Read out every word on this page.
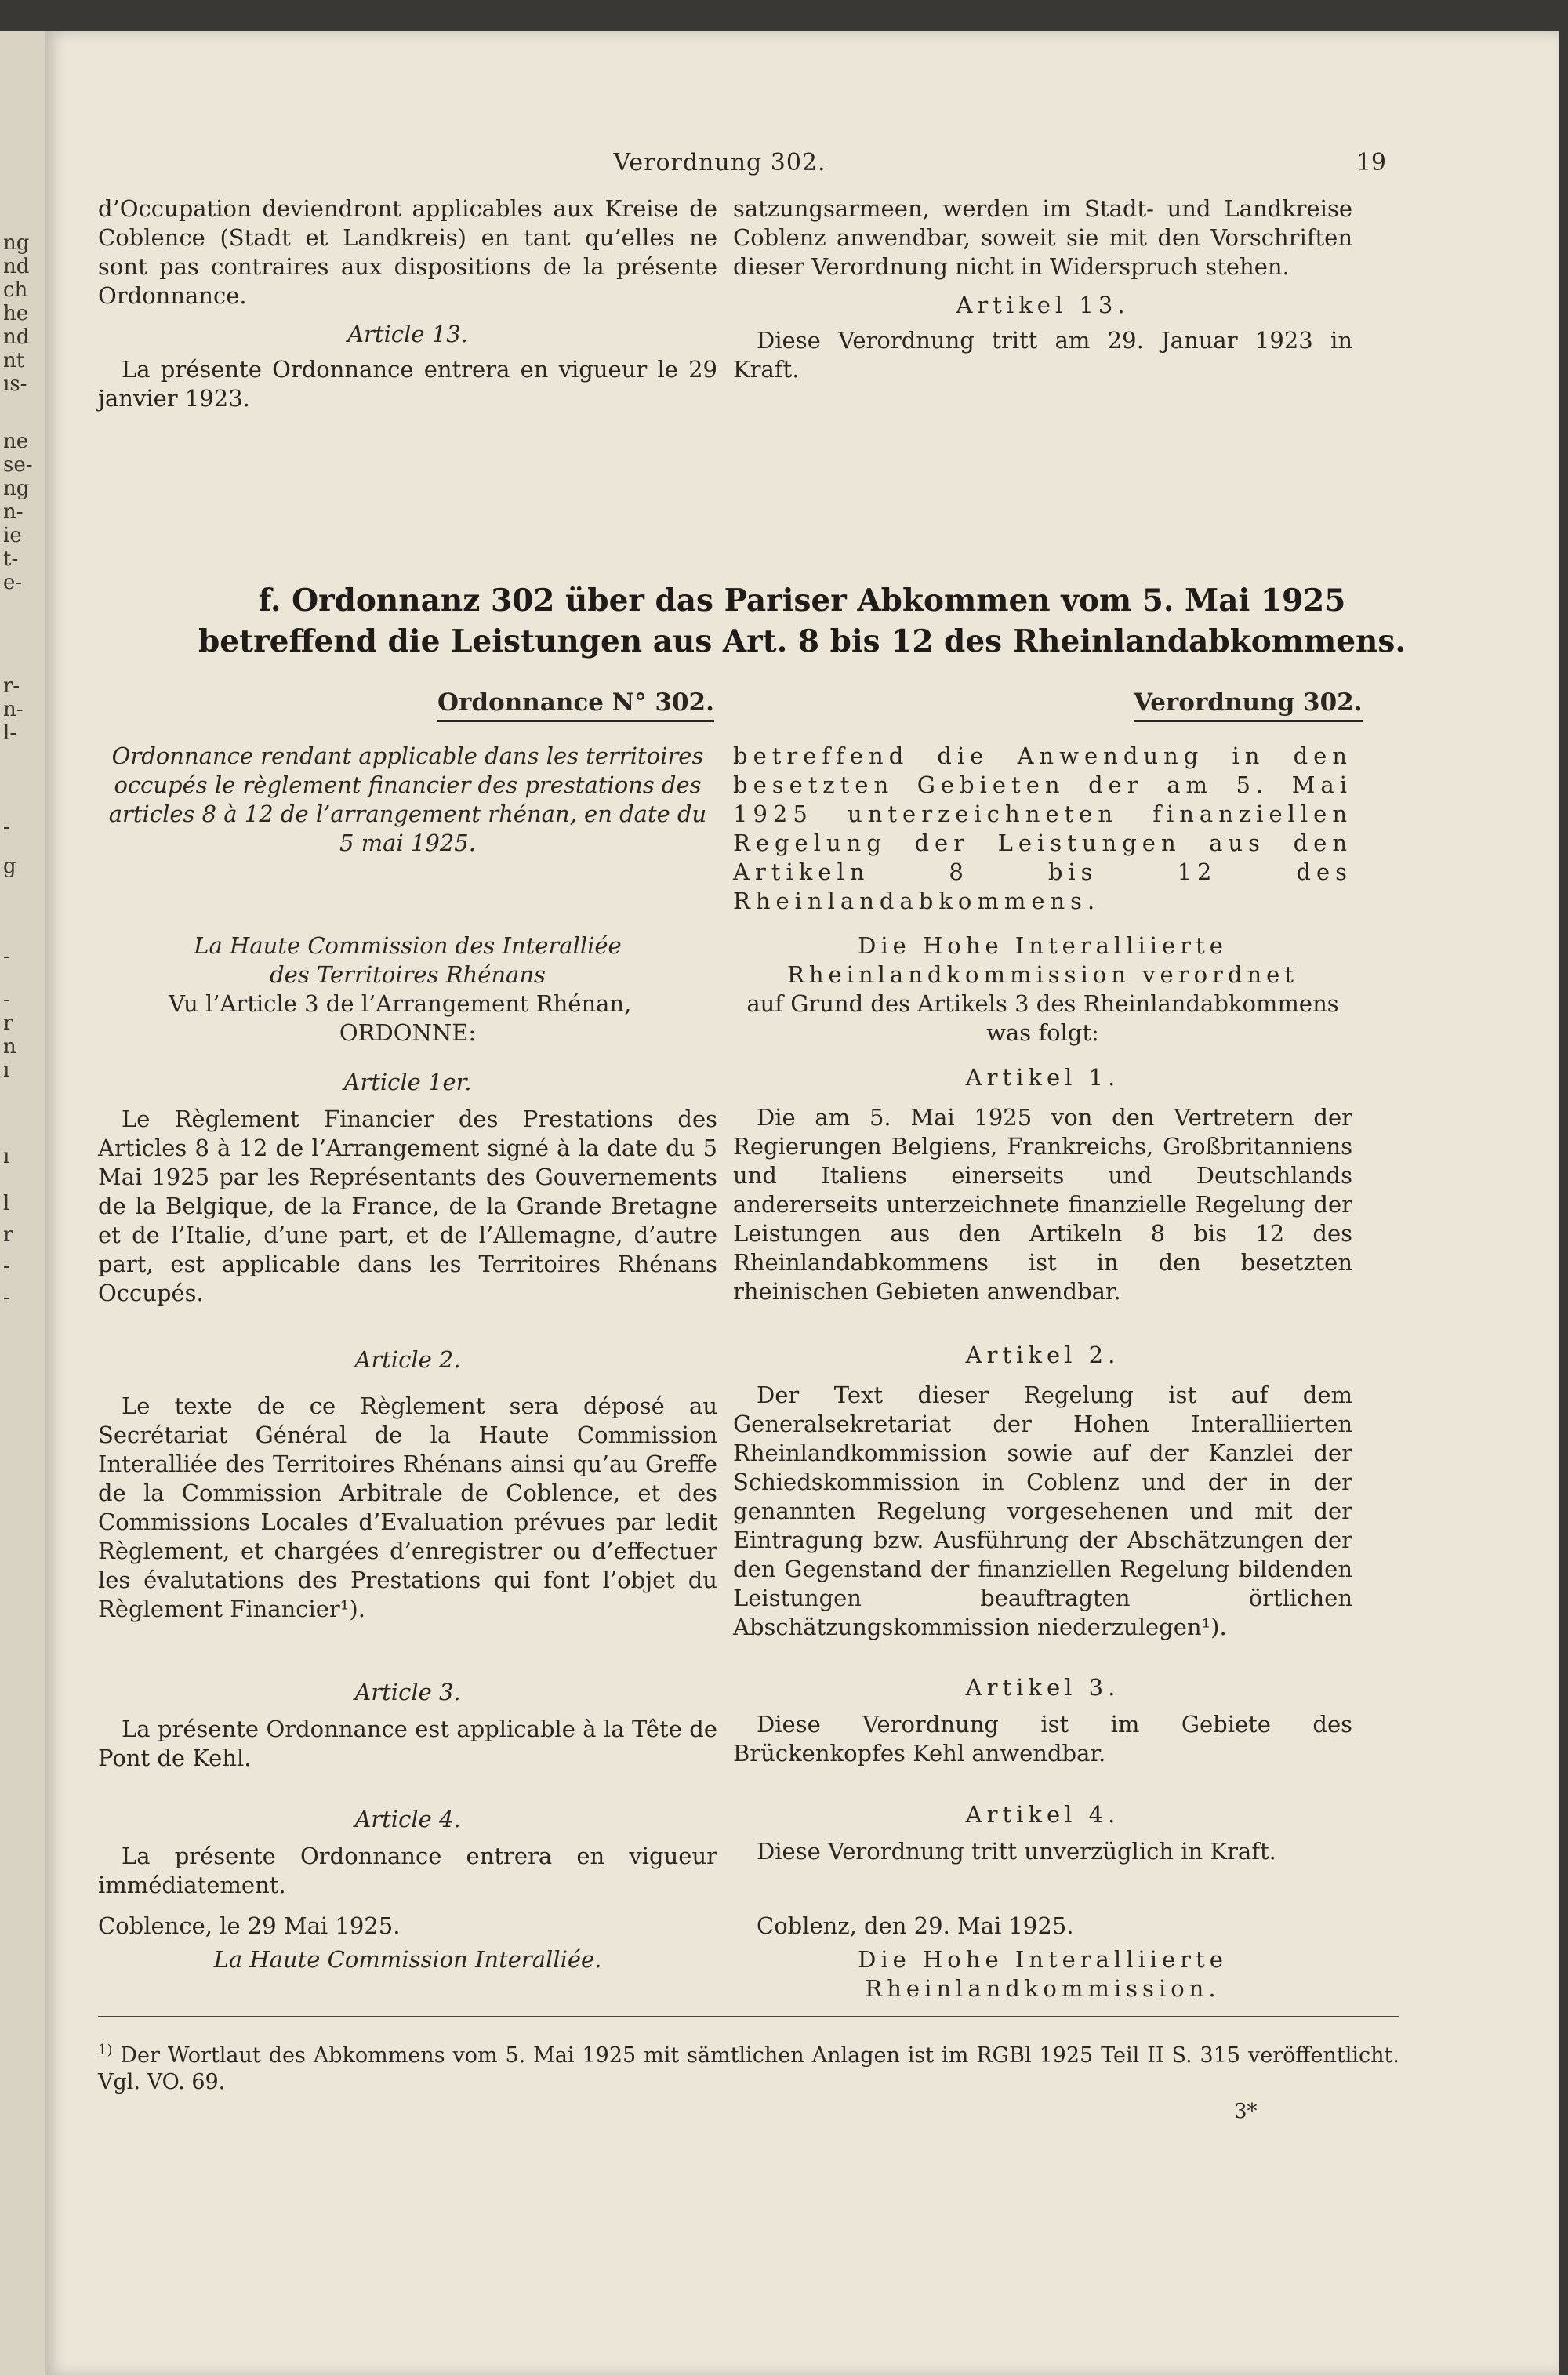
ng
nd
ch
he
nd
nt
ıs-
ne
se-
ng
n-
ie
t-
e-
r-
n-
l-
-
g
-
-
r
n
ı
ı
l
r
-
-
Verordnung 302.	19

d’Occupation deviendront applicables aux Kreise de Coblence (Stadt et Landkreis) en tant qu’elles ne sont pas contraires aux dispositions de la présente Ordonnance.

Article 13.

La présente Ordonnance entrera en vigueur le 29 janvier 1923.

satzungsarmeen, werden im Stadt- und Landkreise Coblenz anwendbar, soweit sie mit den Vorschriften dieser Verordnung nicht in Widerspruch stehen.

Artikel 13.

Diese Verordnung tritt am 29. Januar 1923 in Kraft.

f. Ordonnanz 302 über das Pariser Abkommen vom 5. Mai 1925
betreffend die Leistungen aus Art. 8 bis 12 des Rheinlandabkommens.
Ordonnance N° 302.	Verordnung 302.

Ordonnance rendant applicable dans les territoires occupés le règlement financier des prestations des articles 8 à 12 de l’arrangement rhénan, en date du 5 mai 1925.

La Haute Commission des Interalliée des Territoires Rhénans

Vu l’Article 3 de l’Arrangement Rhénan,

ORDONNE:

Article 1er.

Le Règlement Financier des Prestations des Articles 8 à 12 de l’Arrangement signé à la date du 5 Mai 1925 par les Représentants des Gouvernements de la Belgique, de la France, de la Grande Bretagne et de l’Italie, d’une part, et de l’Allemagne, d’autre part, est applicable dans les Territoires Rhénans Occupés.

Article 2.

Le texte de ce Règlement sera déposé au Secrétariat Général de la Haute Commission Interalliée des Territoires Rhénans ainsi qu’au Greffe de la Commission Arbitrale de Coblence, et des Commissions Locales d’Evaluation prévues par ledit Règlement, et chargées d’enregistrer ou d’effectuer les évalutations des Prestations qui font l’objet du Règlement Financier¹).

Article 3.

La présente Ordonnance est applicable à la Tête de Pont de Kehl.

Article 4.

La présente Ordonnance entrera en vigueur immédiatement.

Coblence, le 29 Mai 1925.

La Haute Commission Interalliée.

betreffend die Anwendung in den besetzten Gebieten der am 5. Mai 1925 unterzeichneten finanziellen Regelung der Leistungen aus den Artikeln 8 bis 12 des Rheinlandabkommens.

Die Hohe Interalliierte Rheinlandkommission verordnet

auf Grund des Artikels 3 des Rheinlandabkommens

was folgt:

Artikel 1.

Die am 5. Mai 1925 von den Vertretern der Regierungen Belgiens, Frankreichs, Großbritanniens und Italiens einerseits und Deutschlands andererseits unterzeichnete finanzielle Regelung der Leistungen aus den Artikeln 8 bis 12 des Rheinlandabkommens ist in den besetzten rheinischen Gebieten anwendbar.

Artikel 2.

Der Text dieser Regelung ist auf dem Generalsekretariat der Hohen Interalliierten Rheinlandkommission sowie auf der Kanzlei der Schiedskommission in Coblenz und der in der genannten Regelung vorgesehenen und mit der Eintragung bzw. Ausführung der Abschätzungen der den Gegenstand der finanziellen Regelung bildenden Leistungen beauftragten örtlichen Abschätzungskommission niederzulegen¹).

Artikel 3.

Diese Verordnung ist im Gebiete des Brückenkopfes Kehl anwendbar.

Artikel 4.

Diese Verordnung tritt unverzüglich in Kraft.

Coblenz, den 29. Mai 1925.

Die Hohe Interalliierte Rheinlandkommission.

$^{1)}$ Der Wortlaut des Abkommens vom 5. Mai 1925 mit sämtlichen Anlagen ist im RGBl 1925 Teil II S. 315 veröffentlicht. Vgl. VO. 69.
3*
